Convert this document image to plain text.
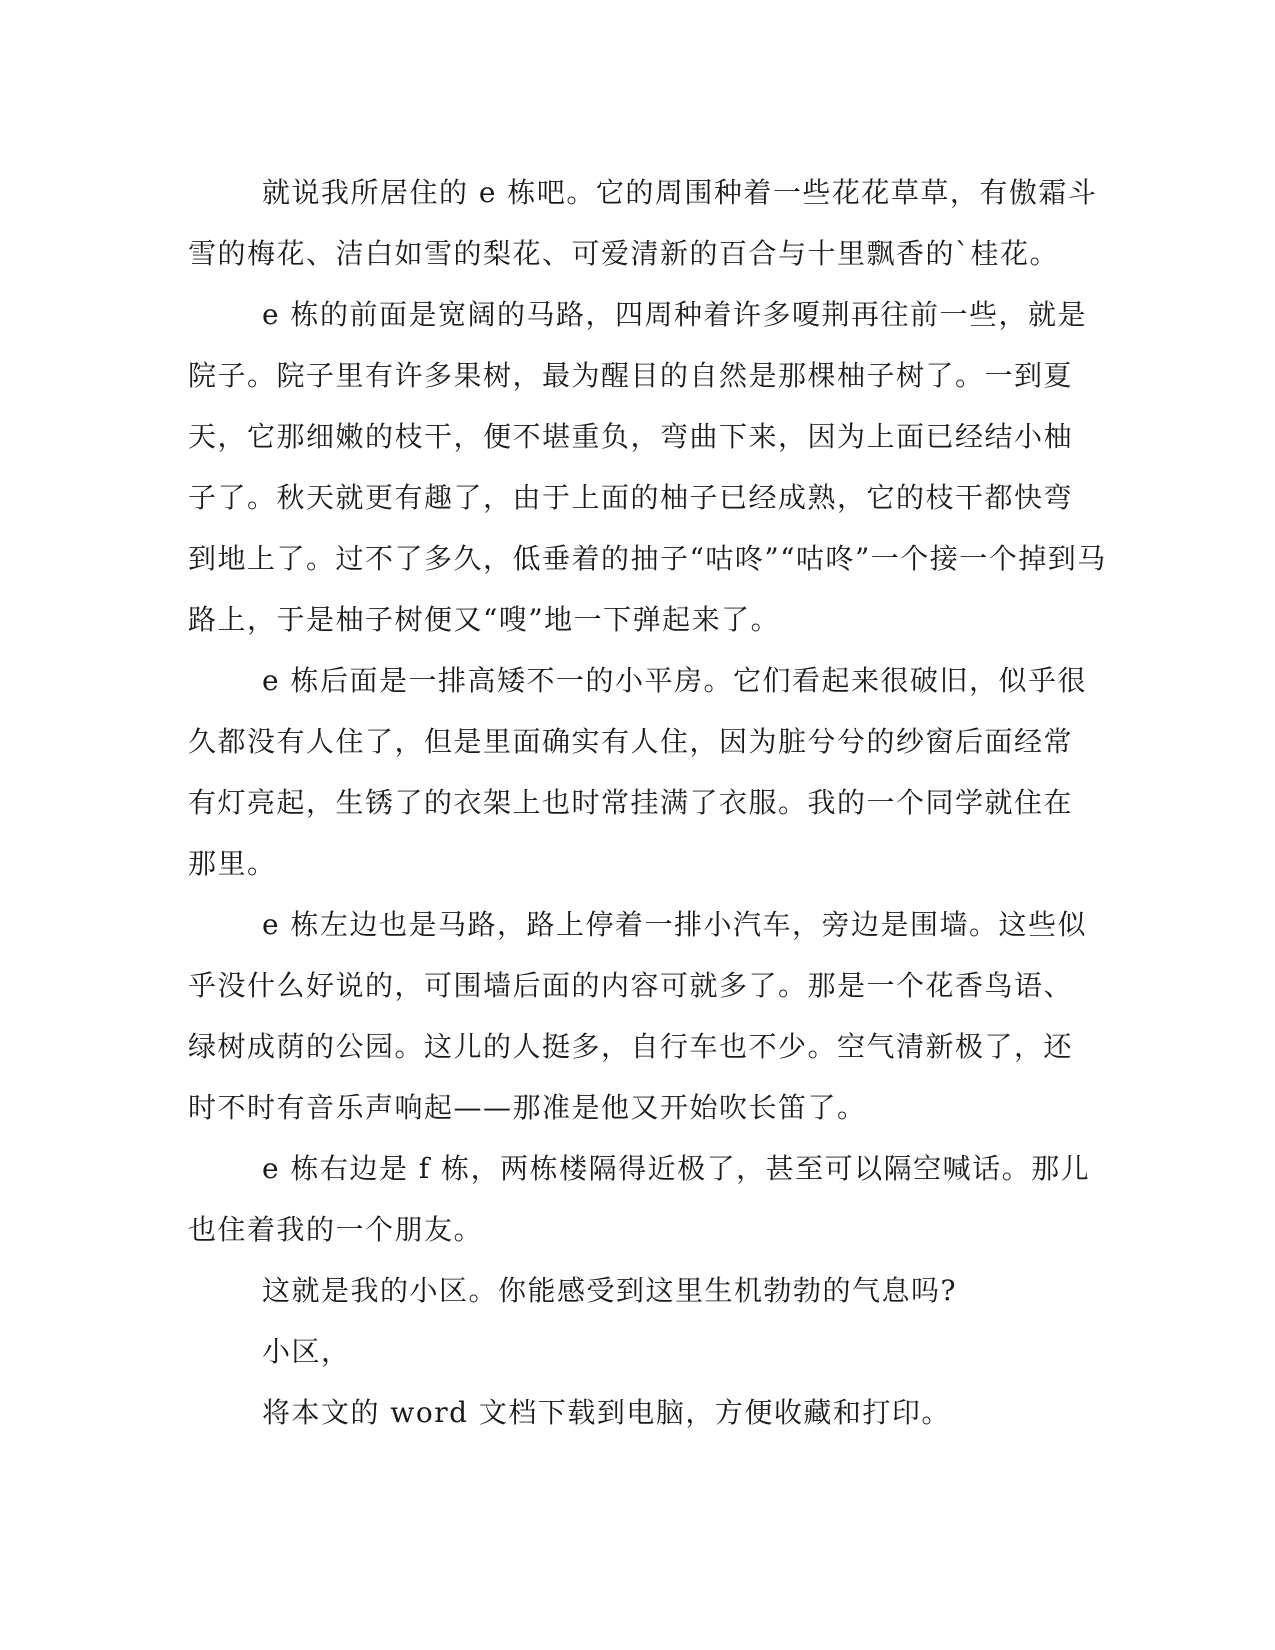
就说我所居住的 e 栋吧。它的周围种着一些花花草草，有傲霜斗
雪的梅花、洁白如雪的梨花、可爱清新的百合与十里飘香的`桂花。
e 栋的前面是宽阔的马路，四周种着许多嗄荆再往前一些，就是
院子。院子里有许多果树，最为醒目的自然是那棵柚子树了。一到夏
天，它那细嫩的枝干，便不堪重负，弯曲下来，因为上面已经结小柚
子了。秋天就更有趣了，由于上面的柚子已经成熟，它的枝干都快弯
到地上了。过不了多久，低垂着的抽子“咕咚”“咕咚”一个接一个掉到马
路上，于是柚子树便又“嗖”地一下弹起来了。
e 栋后面是一排高矮不一的小平房。它们看起来很破旧，似乎很
久都没有人住了，但是里面确实有人住，因为脏兮兮的纱窗后面经常
有灯亮起，生锈了的衣架上也时常挂满了衣服。我的一个同学就住在
那里。
e 栋左边也是马路，路上停着一排小汽车，旁边是围墙。这些似
乎没什么好说的，可围墙后面的内容可就多了。那是一个花香鸟语、
绿树成荫的公园。这儿的人挺多，自行车也不少。空气清新极了，还
时不时有音乐声响起——那准是他又开始吹长笛了。
e 栋右边是 f 栋，两栋楼隔得近极了，甚至可以隔空喊话。那儿
也住着我的一个朋友。
这就是我的小区。你能感受到这里生机勃勃的气息吗?
小区，
将本文的 word 文档下载到电脑，方便收藏和打印。
